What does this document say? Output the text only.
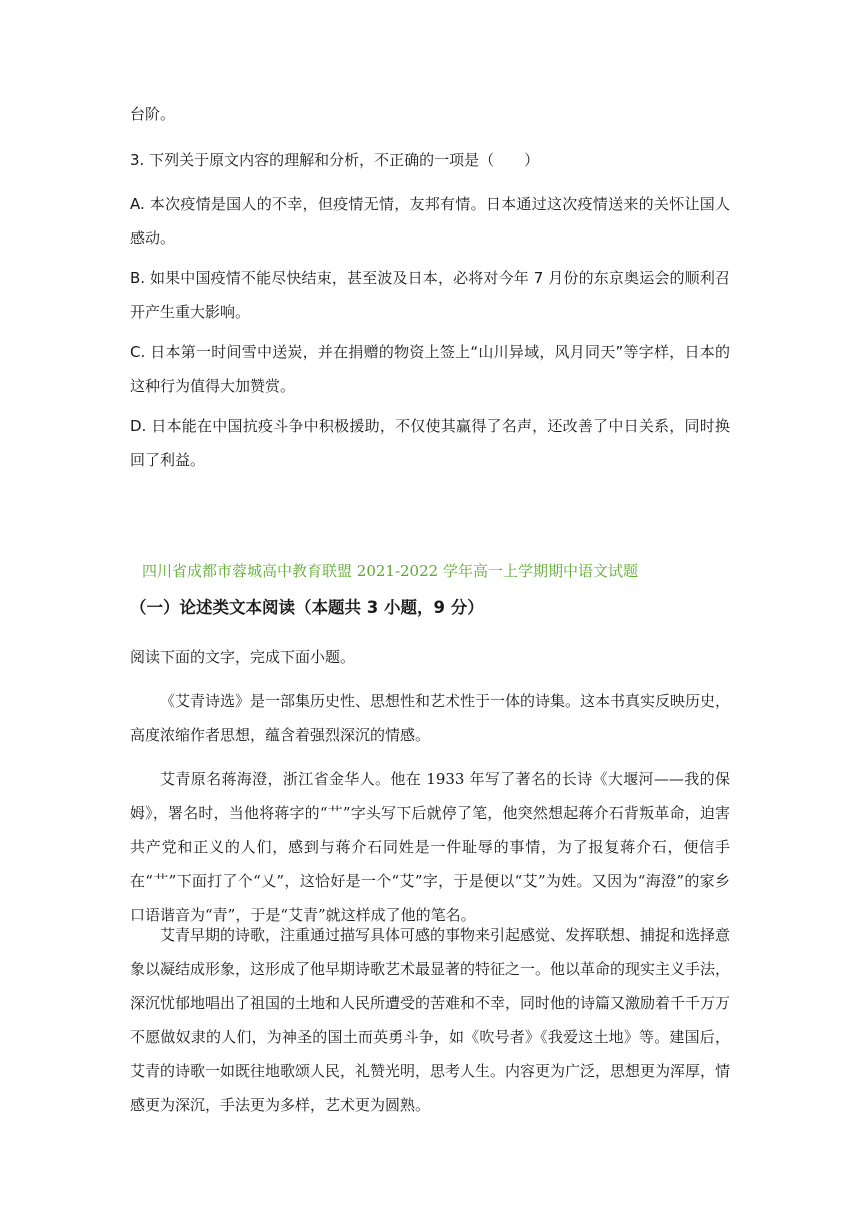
台阶。

3. 下列关于原文内容的理解和分析，不正确的一项是（　　）

A. 本次疫情是国人的不幸，但疫情无情，友邦有情。日本通过这次疫情送来的关怀让国人感动。

B. 如果中国疫情不能尽快结束，甚至波及日本，必将对今年 7 月份的东京奥运会的顺利召开产生重大影响。

C. 日本第一时间雪中送炭，并在捐赠的物资上签上“山川异域，风月同天”等字样，日本的这种行为值得大加赞赏。

D. 日本能在中国抗疫斗争中积极援助，不仅使其赢得了名声，还改善了中日关系，同时换回了利益。

四川省成都市蓉城高中教育联盟 2021-2022 学年高一上学期期中语文试题
（一）论述类文本阅读（本题共 3 小题，9 分）

阅读下面的文字，完成下面小题。

《艾青诗选》是一部集历史性、思想性和艺术性于一体的诗集。这本书真实反映历史，高度浓缩作者思想，蕴含着强烈深沉的情感。

艾青原名蒋海澄，浙江省金华人。他在 1933 年写了著名的长诗《大堰河——我的保姆》，署名时，当他将蒋字的“艹”字头写下后就停了笔，他突然想起蒋介石背叛革命，迫害共产党和正义的人们，感到与蒋介石同姓是一件耻辱的事情，为了报复蒋介石，便信手在“艹”下面打了个“乂”，这恰好是一个“艾”字，于是便以“艾”为姓。又因为“海澄”的家乡口语谐音为“青”，于是“艾青”就这样成了他的笔名。

艾青早期的诗歌，注重通过描写具体可感的事物来引起感觉、发挥联想、捕捉和选择意象以凝结成形象，这形成了他早期诗歌艺术最显著的特征之一。他以革命的现实主义手法，深沉忧郁地唱出了祖国的土地和人民所遭受的苦难和不幸，同时他的诗篇又激励着千千万万不愿做奴隶的人们，为神圣的国土而英勇斗争，如《吹号者》《我爱这土地》等。建国后，艾青的诗歌一如既往地歌颂人民，礼赞光明，思考人生。内容更为广泛，思想更为浑厚，情感更为深沉，手法更为多样，艺术更为圆熟。
